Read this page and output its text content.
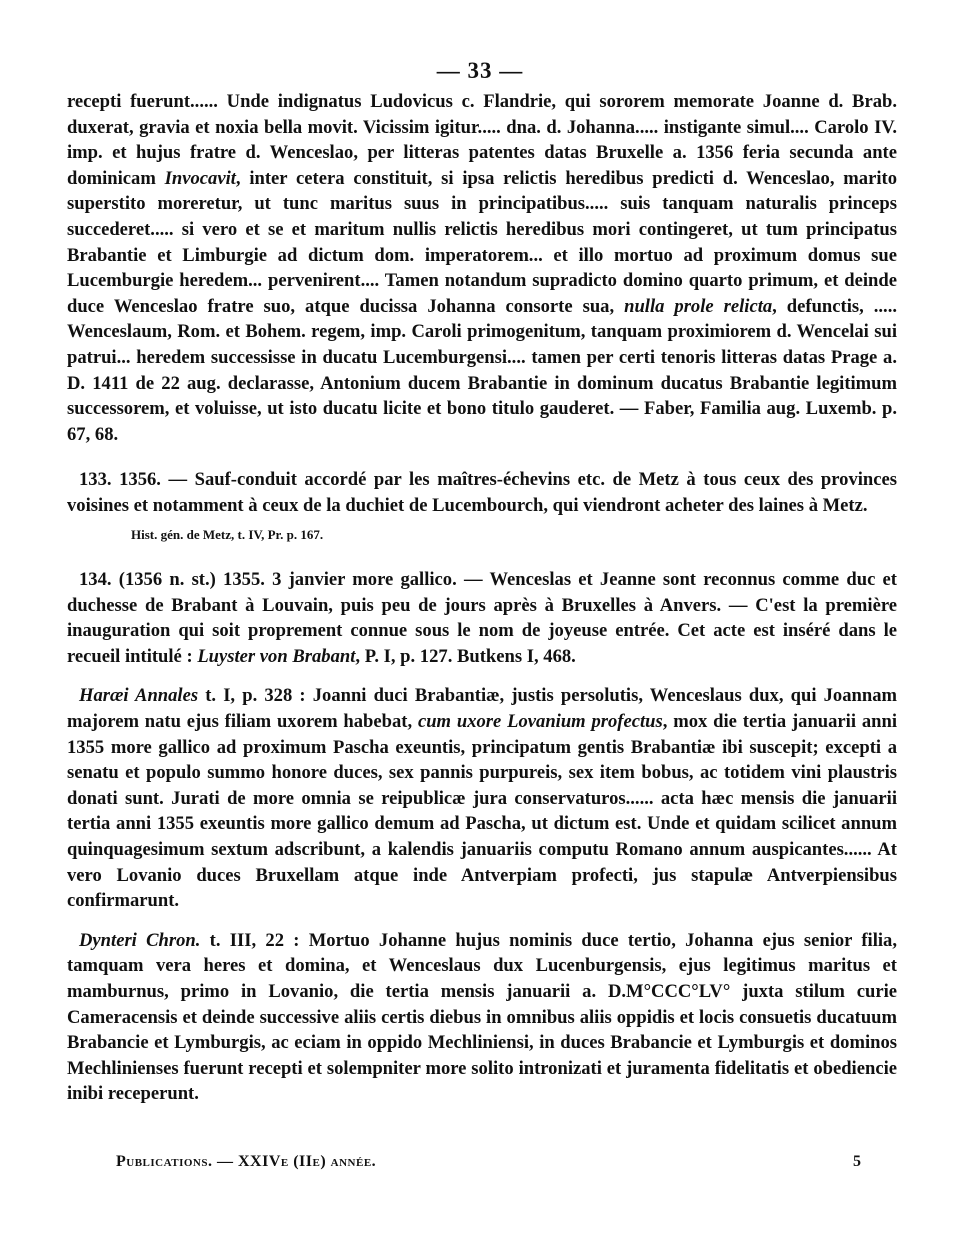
— 33 —

recepti fuerunt...... Unde indignatus Ludovicus c. Flandrie, qui sororem memorate Joanne d. Brab. duxerat, gravia et noxia bella movit. Vicissim igitur..... dna. d. Johanna..... instigante simul.... Carolo IV. imp. et hujus fratre d. Wenceslao, per litteras patentes datas Bruxelle a. 1356 feria secunda ante dominicam Invocavit, inter cetera constituit, si ipsa relictis heredibus predicti d. Wenceslao, marito superstito moreretur, ut tunc maritus suus in principatibus..... suis tanquam naturalis princeps succederet..... si vero et se et maritum nullis relictis heredibus mori contingeret, ut tum principatus Brabantie et Limburgie ad dictum dom. imperatorem... et illo mortuo ad proximum domus sue Lucemburgie heredem... pervenirent.... Tamen notandum supradicto domino quarto primum, et deinde duce Wenceslao fratre suo, atque ducissa Johanna consorte sua, nulla prole relicta, defunctis, ..... Wenceslaum, Rom. et Bohem. regem, imp. Caroli primogenitum, tanquam proximiorem d. Wencelai sui patrui... heredem successisse in ducatu Lucemburgensi.... tamen per certi tenoris litteras datas Prage a. D. 1411 de 22 aug. declarasse, Antonium ducem Brabantie in dominum ducatus Brabantie legitimum successorem, et voluisse, ut isto ducatu licite et bono titulo gauderet. — Faber, Familia aug. Luxemb. p. 67, 68.

133. 1356. — Sauf-conduit accordé par les maîtres-échevins etc. de Metz à tous ceux des provinces voisines et notamment à ceux de la duchiet de Lucembourch, qui viendront acheter des laines à Metz.

Hist. gén. de Metz, t. IV, Pr. p. 167.

134. (1356 n. st.) 1355. 3 janvier more gallico. — Wenceslas et Jeanne sont reconnus comme duc et duchesse de Brabant à Louvain, puis peu de jours après à Bruxelles à Anvers. — C'est la première inauguration qui soit proprement connue sous le nom de joyeuse entrée. Cet acte est inséré dans le recueil intitulé : Luyster von Brabant, P. I, p. 127. Butkens I, 468.

Haræi Annales t. I, p. 328 : Joanni duci Brabantiæ, justis persolutis, Wenceslaus dux, qui Joannam majorem natu ejus filiam uxorem habebat, cum uxore Lovanium profectus, mox die tertia januarii anni 1355 more gallico ad proximum Pascha exeuntis, principatum gentis Brabantiæ ibi suscepit; excepti a senatu et populo summo honore duces, sex pannis purpureis, sex item bobus, ac totidem vini plaustris donati sunt. Jurati de more omnia se reipublicæ jura conservaturos...... acta hæc mensis die januarii tertia anni 1355 exeuntis more gallico demum ad Pascha, ut dictum est. Unde et quidam scilicet annum quinquagesimum sextum adscribunt, a kalendis januariis computu Romano annum auspicantes...... At vero Lovanio duces Bruxellam atque inde Antverpiam profecti, jus stapulæ Antverpiensibus confirmarunt.

Dynteri Chron. t. III, 22 : Mortuo Johanne hujus nominis duce tertio, Johanna ejus senior filia, tamquam vera heres et domina, et Wenceslaus dux Lucenburgensis, ejus legitimus maritus et mamburnus, primo in Lovanio, die tertia mensis januarii a. D.M°CCC°LV° juxta stilum curie Cameracensis et deinde successive aliis certis diebus in omnibus aliis oppidis et locis consuetis ducatuum Brabancie et Lymburgis, ac eciam in oppido Mechliniensi, in duces Brabancie et Lymburgis et dominos Mechlinienses fuerunt recepti et solempniter more solito intronizati et juramenta fidelitatis et obediencie inibi receperunt.

Publications. — XXIVe (IIe) année.	5
